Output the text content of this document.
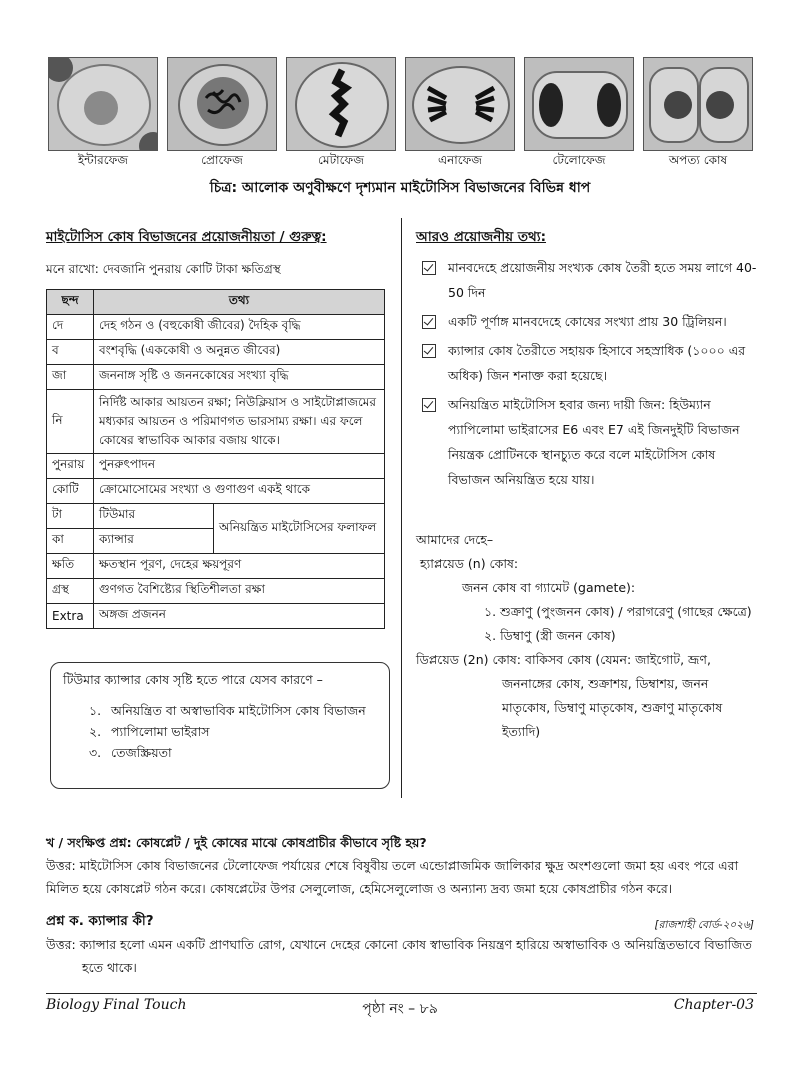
ইন্টারফেজ	প্রোফেজ	মেটাফেজ	এনাফেজ	টেলোফেজ	অপত্য কোষ
চিত্র: আলোক অণুবীক্ষণে দৃশ্যমান মাইটোসিস বিভাজনের বিভিন্ন ধাপ
মাইটোসিস কোষ বিভাজনের প্রয়োজনীয়তা / গুরুত্ব:
মনে রাখো: দেবজানি পুনরায় কোটি টাকা ক্ষতিগ্রস্থ
ছন্দ	তথ্য	
দে	দেহ গঠন ও (বহুকোষী জীবের) দৈহিক বৃদ্ধি	
ব	বংশবৃদ্ধি (এককোষী ও অনুন্নত জীবের)	
জা	জননাঙ্গ সৃষ্টি ও জননকোষের সংখ্যা বৃদ্ধি	
নি	নির্দিষ্ট আকার আয়তন রক্ষা; নিউক্লিয়াস ও সাইটোপ্লাজমের মধ্যকার আয়তন ও পরিমাণগত ভারসাম্য রক্ষা। এর ফলে কোষের স্বাভাবিক আকার বজায় থাকে।	
পুনরায়	পুনরুৎপাদন	
কোটি	ক্রোমোসোমের সংখ্যা ও গুণাগুণ একই থাকে	
টা	টিউমার	অনিয়ন্ত্রিত মাইটোসিসের ফলাফল
কা	ক্যান্সার	
ক্ষতি	ক্ষতস্থান পূরণ, দেহের ক্ষয়পূরণ	
গ্রস্থ	গুণগত বৈশিষ্ট্যের স্থিতিশীলতা রক্ষা	
Extra	অঙ্গজ প্রজনন	
টিউমার ক্যান্সার কোষ সৃষ্টি হতে পারে যেসব কারণে –
১. অনিয়ন্ত্রিত বা অস্বাভাবিক মাইটোসিস কোষ বিভাজন
২. প্যাপিলোমা ভাইরাস
৩. তেজস্ক্রিয়তা
আরও প্রয়োজনীয় তথ্য:
মানবদেহে প্রয়োজনীয় সংখ্যক কোষ তৈরী হতে সময় লাগে 40-50 দিন
একটি পূর্ণাঙ্গ মানবদেহে কোষের সংখ্যা প্রায় 30 ট্রিলিয়ন।
ক্যান্সার কোষ তৈরীতে সহায়ক হিসাবে সহস্রাধিক (১০০০ এর অধিক) জিন শনাক্ত করা হয়েছে।
অনিয়ন্ত্রিত মাইটোসিস হবার জন্য দায়ী জিন: হিউম্যান প্যাপিলোমা ভাইরাসের E6 এবং E7 এই জিনদুইটি বিভাজন নিয়ন্ত্রক প্রোটিনকে স্থানচ্যুত করে বলে মাইটোসিস কোষ বিভাজন অনিয়ন্ত্রিত হয়ে যায়।
আমাদের দেহে–
হ্যাপ্লয়েড (n) কোষ:
জনন কোষ বা গ্যামেট (gamete):
১. শুক্রাণু (পুংজনন কোষ) / পরাগরেণু (গাছের ক্ষেত্রে)
২. ডিম্বাণু (স্ত্রী জনন কোষ)
ডিপ্লয়েড (2n) কোষ: বাকিসব কোষ (যেমন: জাইগোট, ভ্রূণ,
জননাঙ্গের কোষ, শুক্রাশয়, ডিম্বাশয়, জনন
মাতৃকোষ, ডিম্বাণু মাতৃকোষ, শুক্রাণু মাতৃকোষ
ইত্যাদি)
খ / সংক্ষিপ্ত প্রশ্ন: কোষপ্লেট / দুই কোষের মাঝে কোষপ্রাচীর কীভাবে সৃষ্টি হয়?
উত্তর: মাইটোসিস কোষ বিভাজনের টেলোফেজ পর্যায়ের শেষে বিষুবীয় তলে এন্ডোপ্লাজমিক জালিকার ক্ষুদ্র অংশগুলো জমা হয় এবং পরে এরা মিলিত হয়ে কোষপ্লেট গঠন করে। কোষপ্লেটের উপর সেলুলোজ, হেমিসেলুলোজ ও অন্যান্য দ্রব্য জমা হয়ে কোষপ্রাচীর গঠন করে।
প্রশ্ন ক. ক্যান্সার কী?
উত্তর: ক্যান্সার হলো এমন একটি প্রাণঘাতি রোগ, যেখানে দেহের কোনো কোষ স্বাভাবিক নিয়ন্ত্রণ হারিয়ে অস্বাভাবিক ও অনিয়ন্ত্রিতভাবে বিভাজিত
হতে থাকে।
[রাজশাহী বোর্ড-২০২৬]
Biology Final Touch	পৃষ্ঠা নং – ৮৯	Chapter-03
